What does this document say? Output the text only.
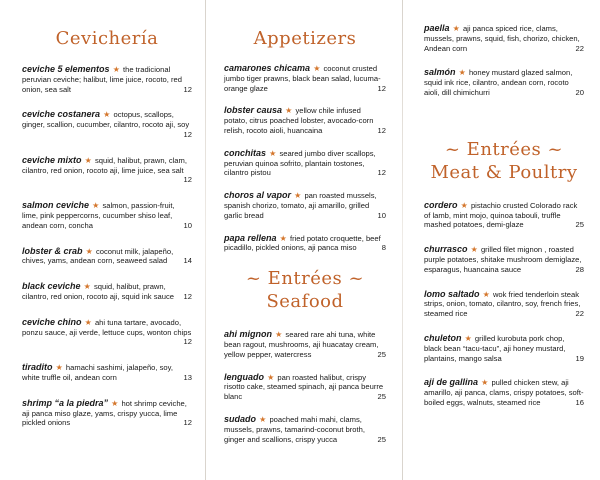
Cevichería

ceviche 5 elementos ★ the tradicional peruvian ceviche; halibut, lime juice, rocoto, red onion, sea salt	12

ceviche costanera ★ octopus, scallops, ginger, scallion, cucumber, cilantro, rocoto aji, soy
12

ceviche mixto ★ squid, halibut, prawn, clam, cilantro, red onion, rocoto aji, lime juice, sea salt
12

salmon ceviche ★ salmon, passion-fruit, lime, pink peppercorns, cucumber shiso leaf, andean corn, concha	10

lobster & crab ★ coconut milk, jalapeño, chives, yams, andean corn, seaweed salad 14

black ceviche ★ squid, halibut, prawn, cilantro, red onion, rocoto aji, squid ink sauce 12

ceviche chino ★ ahi tuna tartare, avocado, ponzu sauce, aji verde, lettuce cups, wonton chips
12

tiradito ★ hamachi sashimi, jalapeño, soy, white truffle oil, andean corn	13

shrimp “a la piedra” ★ hot shrimp ceviche, aji panca miso glaze, yams, crispy yucca, lime pickled onions	12

Appetizers

camarones chicama ★ coconut crusted jumbo tiger prawns, black bean salad, lucuma-orange glaze	12

lobster causa ★ yellow chile infused potato, citrus poached lobster, avocado-corn relish, rocoto aioli, huancaina	12

conchitas ★ seared jumbo diver scallops, peruvian quinoa sofrito, plantain tostones, cilantro pistou	12

choros al vapor ★ pan roasted mussels, spanish chorizo, tomato, aji amarillo, grilled garlic bread	10

papa rellena ★ fried potato croquette, beef picadillo, pickled onions, aji panca miso	8

~ Entrées ~
Seafood

ahi mignon ★ seared rare ahi tuna, white bean ragout, mushrooms, aji huacatay cream, yellow pepper, watercress	25

lenguado ★ pan roasted halibut, crispy risotto cake, steamed spinach, aji panca beurre blanc	25

sudado ★ poached mahi mahi, clams, mussels, prawns, tamarind-coconut broth, ginger and scallions, crispy yucca	25

paella ★ aji panca spiced rice, clams, mussels, prawns, squid, fish, chorizo, chicken, Andean corn	22

salmón ★ honey mustard glazed salmon, squid ink rice, cilantro, andean corn, rocoto aioli, dill chimichurri	20

~ Entrées ~
Meat & Poultry

cordero ★ pistachio crusted Colorado rack of lamb, mint mojo, quinoa tabouli, truffle mashed potatoes, demi-glaze	25

churrasco ★ grilled filet mignon , roasted purple potatoes, shitake mushroom demiglaze, esparagus, huancaina sauce	28

lomo saltado ★ wok fried tenderloin steak strips, onion, tomato, cilantro, soy, french fries, steamed rice	22

chuleton ★ grilled kurobuta pork chop, black bean “tacu-tacu”, aji honey mustard, plantains, mango salsa	19

aji de gallina ★ pulled chicken stew, aji amarillo, aji panca, clams, crispy potatoes, soft-boiled eggs, walnuts, steamed rice	16
